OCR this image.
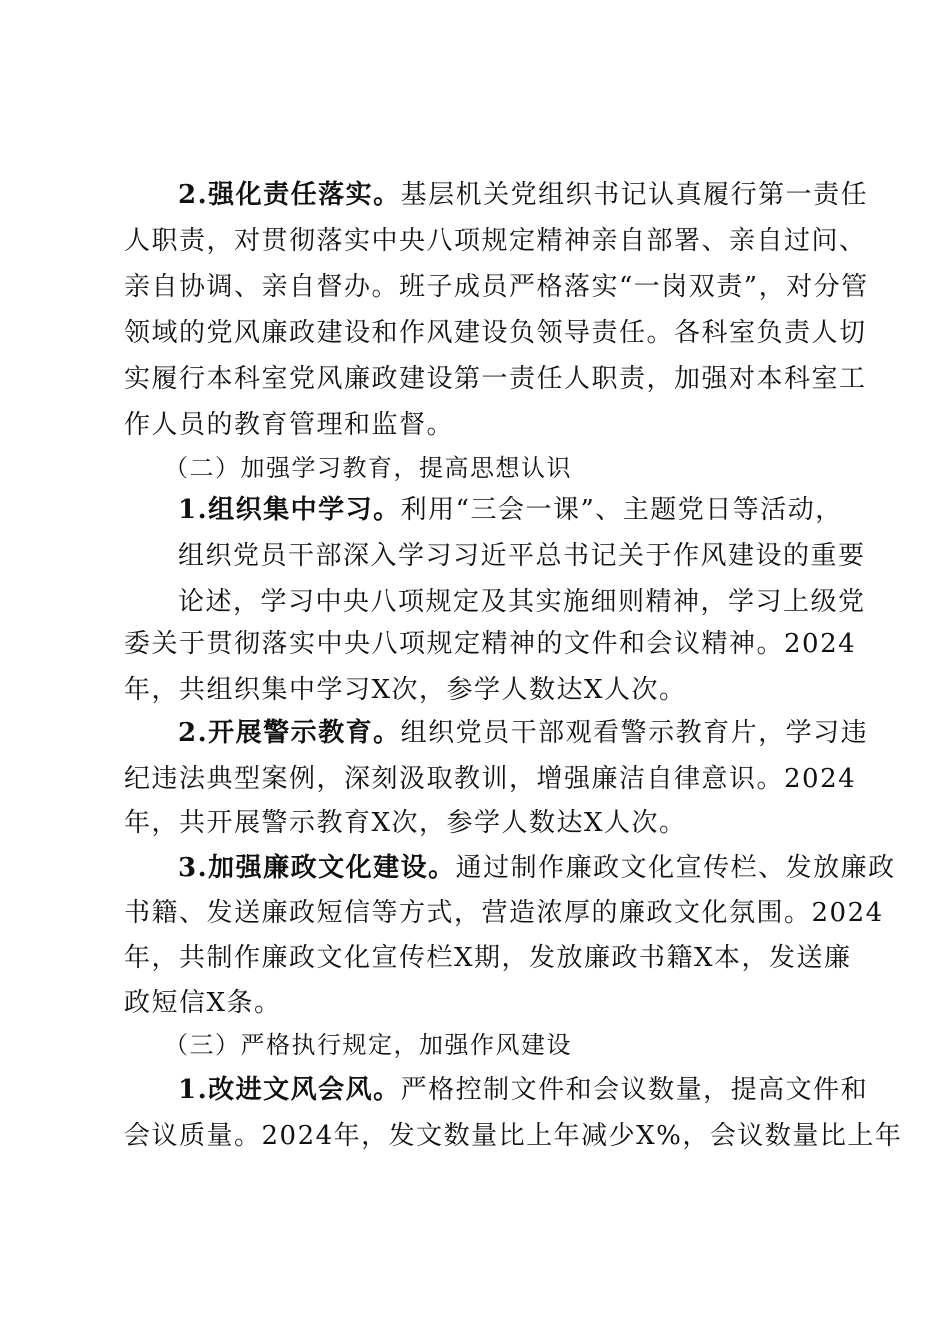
2.强化责任落实。基层机关党组织书记认真履行第一责任
人职责，对贯彻落实中央八项规定精神亲自部署、亲自过问、
亲自协调、亲自督办。班子成员严格落实“一岗双责”，对分管
领域的党风廉政建设和作风建设负领导责任。各科室负责人切
实履行本科室党风廉政建设第一责任人职责，加强对本科室工
作人员的教育管理和监督。
（二）加强学习教育，提高思想认识
1.组织集中学习。利用“三会一课”、主题党日等活动，
组织党员干部深入学习习近平总书记关于作风建设的重要
论述，学习中央八项规定及其实施细则精神，学习上级党
委关于贯彻落实中央八项规定精神的文件和会议精神。2024
年，共组织集中学习X次，参学人数达X人次。
2.开展警示教育。组织党员干部观看警示教育片，学习违
纪违法典型案例，深刻汲取教训，增强廉洁自律意识。2024
年，共开展警示教育X次，参学人数达X人次。
3.加强廉政文化建设。通过制作廉政文化宣传栏、发放廉政
书籍、发送廉政短信等方式，营造浓厚的廉政文化氛围。2024
年，共制作廉政文化宣传栏X期，发放廉政书籍X本，发送廉
政短信X条。
（三）严格执行规定，加强作风建设
1.改进文风会风。严格控制文件和会议数量，提高文件和
会议质量。2024年，发文数量比上年减少X%，会议数量比上年
